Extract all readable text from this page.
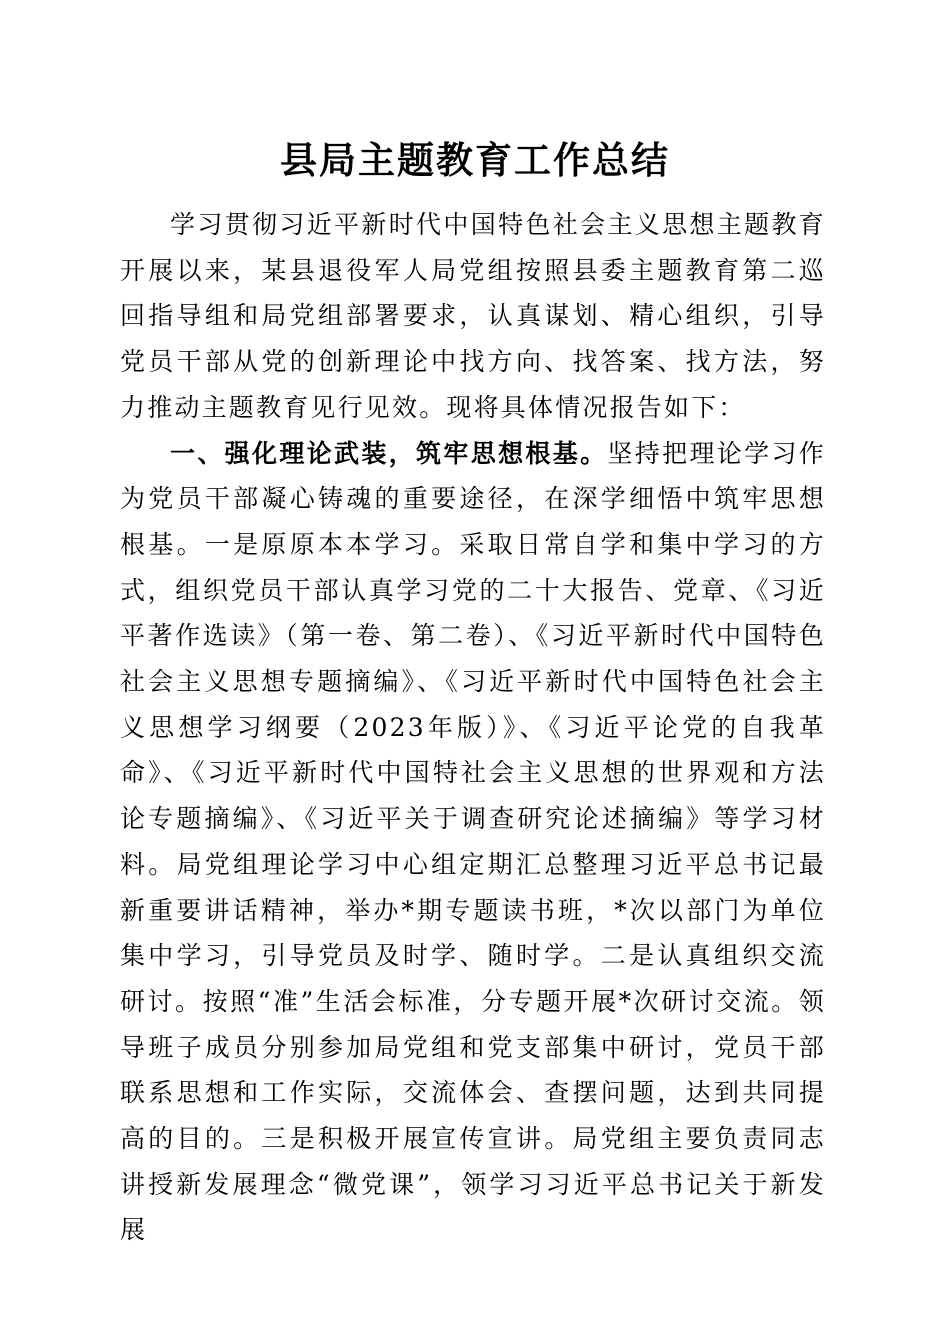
县局主题教育工作总结

学习贯彻习近平新时代中国特色社会主义思想主题教育开展以来，某县退役军人局党组按照县委主题教育第二巡回指导组和局党组部署要求，认真谋划、精心组织，引导党员干部从党的创新理论中找方向、找答案、找方法，努力推动主题教育见行见效。现将具体情况报告如下：

一、强化理论武装，筑牢思想根基。坚持把理论学习作为党员干部凝心铸魂的重要途径，在深学细悟中筑牢思想根基。一是原原本本学习。采取日常自学和集中学习的方式，组织党员干部认真学习党的二十大报告、党章、《习近平著作选读》（第一卷、第二卷）、《习近平新时代中国特色社会主义思想专题摘编》、《习近平新时代中国特色社会主义思想学习纲要（2023年版）》、《习近平论党的自我革命》、《习近平新时代中国特社会主义思想的世界观和方法论专题摘编》、《习近平关于调查研究论述摘编》等学习材料。局党组理论学习中心组定期汇总整理习近平总书记最新重要讲话精神，举办*期专题读书班，*次以部门为单位集中学习，引导党员及时学、随时学。二是认真组织交流研讨。按照“准”生活会标准，分专题开展*次研讨交流。领导班子成员分别参加局党组和党支部集中研讨，党员干部联系思想和工作实际，交流体会、查摆问题，达到共同提高的目的。三是积极开展宣传宣讲。局党组主要负责同志讲授新发展理念“微党课”，领学习习近平总书记关于新发展
